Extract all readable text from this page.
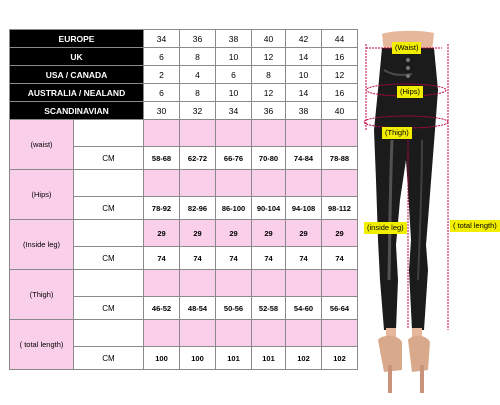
EUROPE		34	36	38	40	42	44
UK		6	8	10	12	14	16
USA / CANADA		2	4	6	8	10	12
AUSTRALIA / NEALAND		6	8	10	12	14	16
SCANDINAVIAN		30	32	34	36	38	40
(waist)							
	CM	58-68	62-72	66-76	70-80	74-84	78-88
(Hips)							
	CM	78-92	82-96	86-100	90-104	94-108	98-112
(Inside leg)		29	29	29	29	29	29
	CM	74	74	74	74	74	74
(Thigh)							
	CM	46-52	48-54	50-56	52-58	54-60	56-64
( total length)							
	CM	100	100	101	101	102	102
(Waist)
(Hips)
(Thigh)
(inside leg)	( total length)
